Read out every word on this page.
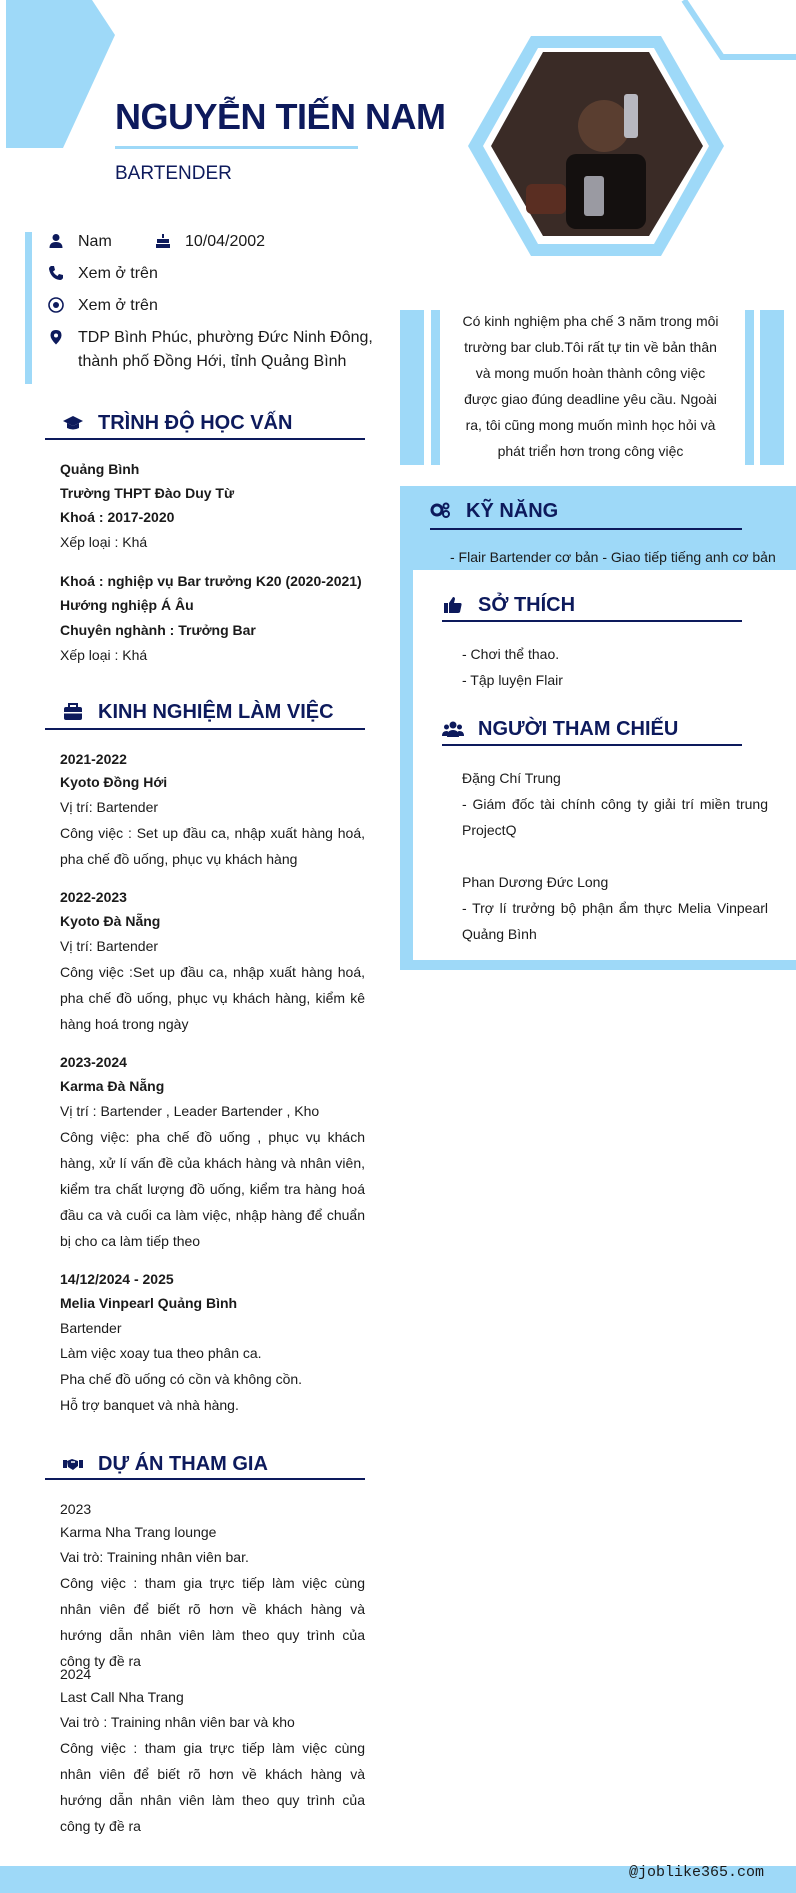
NGUYỄN TIẾN NAM
BARTENDER
Nam	10/04/2002
Xem ở trên
Xem ở trên
TDP Bình Phúc, phường Đức Ninh Đông,
thành phố Đồng Hới, tỉnh Quảng Bình
TRÌNH ĐỘ HỌC VẤN
Quảng Bình
Trường THPT Đào Duy Từ
Khoá : 2017-2020
Xếp loại : Khá
Khoá : nghiệp vụ Bar trưởng K20 (2020-2021)
Hướng nghiệp Á Âu
Chuyên nghành : Trưởng Bar
Xếp loại : Khá
KINH NGHIỆM LÀM VIỆC
2021-2022
Kyoto Đồng Hới
Vị trí: Bartender
Công việc : Set up đầu ca, nhập xuất hàng hoá, pha chế đồ uống, phục vụ khách hàng
2022-2023
Kyoto Đà Nẵng
Vị trí: Bartender
Công việc :Set up đầu ca, nhập xuất hàng hoá, pha chế đồ uống, phục vụ khách hàng, kiểm kê hàng hoá trong ngày
2023-2024
Karma Đà Nẵng
Vị trí : Bartender , Leader Bartender , Kho
Công việc: pha chế đồ uống , phục vụ khách hàng, xử lí vấn đề của khách hàng và nhân viên, kiểm tra chất lượng đồ uống, kiểm tra hàng hoá đầu ca và cuối ca làm việc, nhập hàng để chuẩn bị cho ca làm tiếp theo
14/12/2024 - 2025
Melia Vinpearl Quảng Bình
Bartender
Làm việc xoay tua theo phân ca.
Pha chế đồ uống có cồn và không cồn.
Hỗ trợ banquet và nhà hàng.
DỰ ÁN THAM GIA
2023
Karma Nha Trang lounge
Vai trò: Training nhân viên bar.
Công việc : tham gia trực tiếp làm việc cùng nhân viên để biết rõ hơn về khách hàng và hướng dẫn nhân viên làm theo quy trình của công ty đề ra
2024
Last Call Nha Trang
Vai trò : Training nhân viên bar và kho
Công việc : tham gia trực tiếp làm việc cùng nhân viên để biết rõ hơn về khách hàng và hướng dẫn nhân viên làm theo quy trình của công ty đề ra
Có kinh nghiệm pha chế 3 năm trong môi
trường bar club.Tôi rất tự tin về bản thân
và mong muốn hoàn thành công việc
được giao đúng deadline yêu cầu. Ngoài
ra, tôi cũng mong muốn mình học hỏi và
phát triển hơn trong công việc
KỸ NĂNG
- Flair Bartender cơ bản - Giao tiếp tiếng anh cơ bản
SỞ THÍCH
- Chơi thể thao.
- Tập luyện Flair
NGƯỜI THAM CHIẾU
Đặng Chí Trung
- Giám đốc tài chính công ty giải trí miền trung ProjectQ
Phan Dương Đức Long
- Trợ lí trưởng bộ phận ẩm thực Melia Vinpearl Quảng Bình
@joblike365.com
